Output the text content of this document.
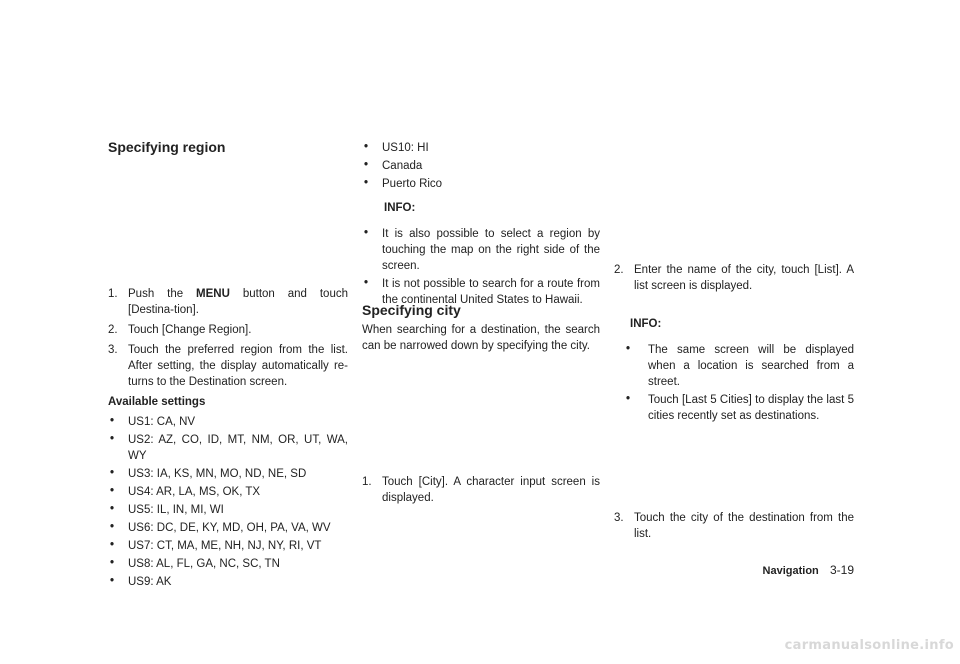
Specifying region
1. Push the MENU button and touch [Destina-tion].
2. Touch [Change Region].
3. Touch the preferred region from the list. After setting, the display automatically re-turns to the Destination screen.
Available settings
• US1: CA, NV
• US2: AZ, CO, ID, MT, NM, OR, UT, WA, WY
• US3: IA, KS, MN, MO, ND, NE, SD
• US4: AR, LA, MS, OK, TX
• US5: IL, IN, MI, WI
• US6: DC, DE, KY, MD, OH, PA, VA, WV
• US7: CT, MA, ME, NH, NJ, NY, RI, VT
• US8: AL, FL, GA, NC, SC, TN
• US9: AK
• US10: HI
• Canada
• Puerto Rico
INFO:
• It is also possible to select a region by touching the map on the right side of the screen.
• It is not possible to search for a route from the continental United States to Hawaii.
Specifying city

When searching for a destination, the search can be narrowed down by specifying the city.

1. Touch [City]. A character input screen is displayed.
2. Enter the name of the city, touch [List]. A list screen is displayed.
INFO:
• The same screen will be displayed when a location is searched from a street.
• Touch [Last 5 Cities] to display the last 5 cities recently set as destinations.
3. Touch the city of the destination from the list.
Navigation 3-19
carmanualsonline.info
